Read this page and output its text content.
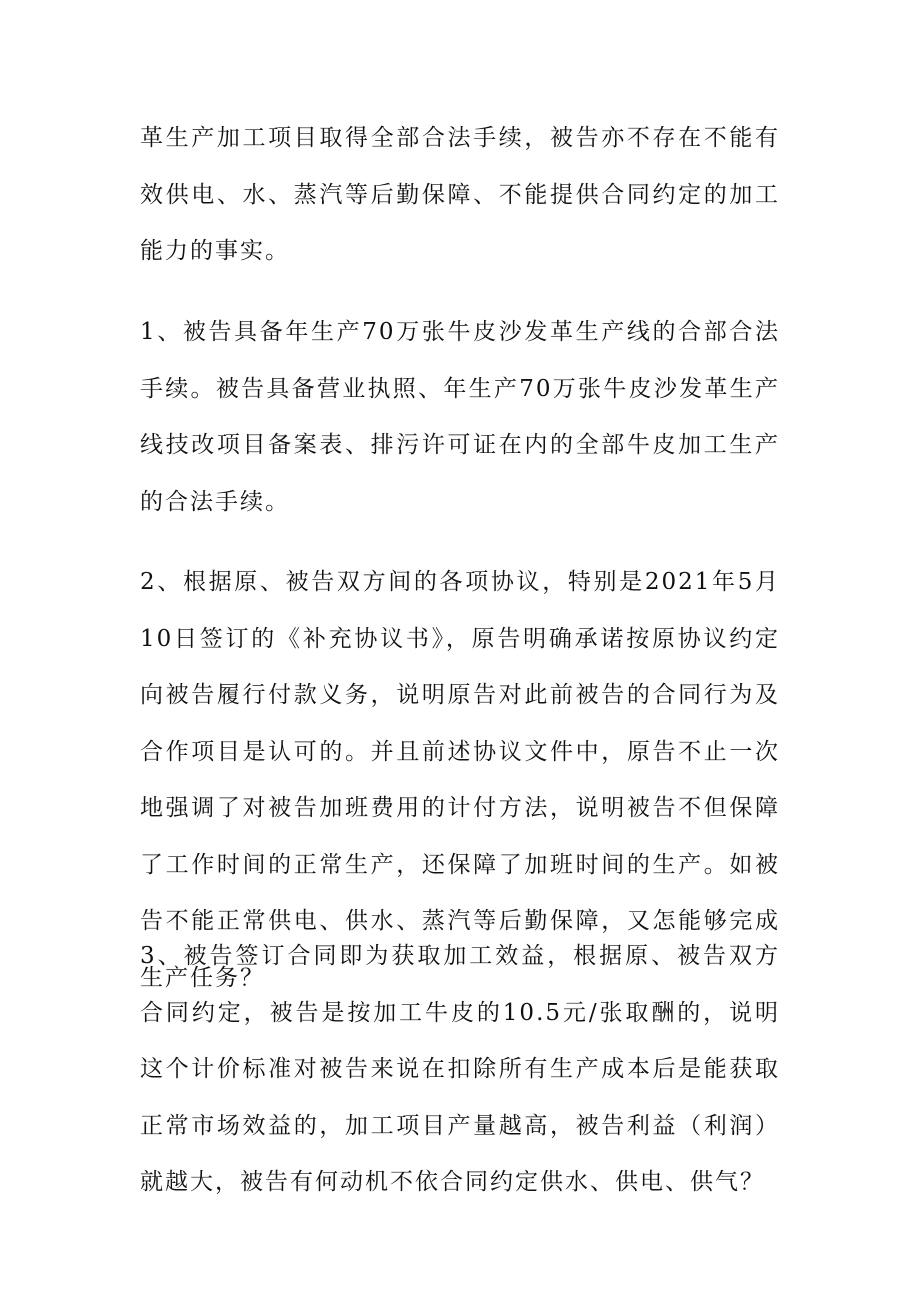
革生产加工项目取得全部合法手续，被告亦不存在不能有效供电、水、蒸汽等后勤保障、不能提供合同约定的加工能力的事实。

1、被告具备年生产70万张牛皮沙发革生产线的合部合法手续。被告具备营业执照、年生产70万张牛皮沙发革生产线技改项目备案表、排污许可证在内的全部牛皮加工生产的合法手续。

2、根据原、被告双方间的各项协议，特别是2021年5月10日签订的《补充协议书》，原告明确承诺按原协议约定向被告履行付款义务，说明原告对此前被告的合同行为及合作项目是认可的。并且前述协议文件中，原告不止一次地强调了对被告加班费用的计付方法，说明被告不但保障了工作时间的正常生产，还保障了加班时间的生产。如被告不能正常供电、供水、蒸汽等后勤保障，又怎能够完成生产任务？

3、被告签订合同即为获取加工效益，根据原、被告双方合同约定，被告是按加工牛皮的10.5元/张取酬的，说明这个计价标准对被告来说在扣除所有生产成本后是能获取正常市场效益的，加工项目产量越高，被告利益（利润）就越大，被告有何动机不依合同约定供水、供电、供气？
